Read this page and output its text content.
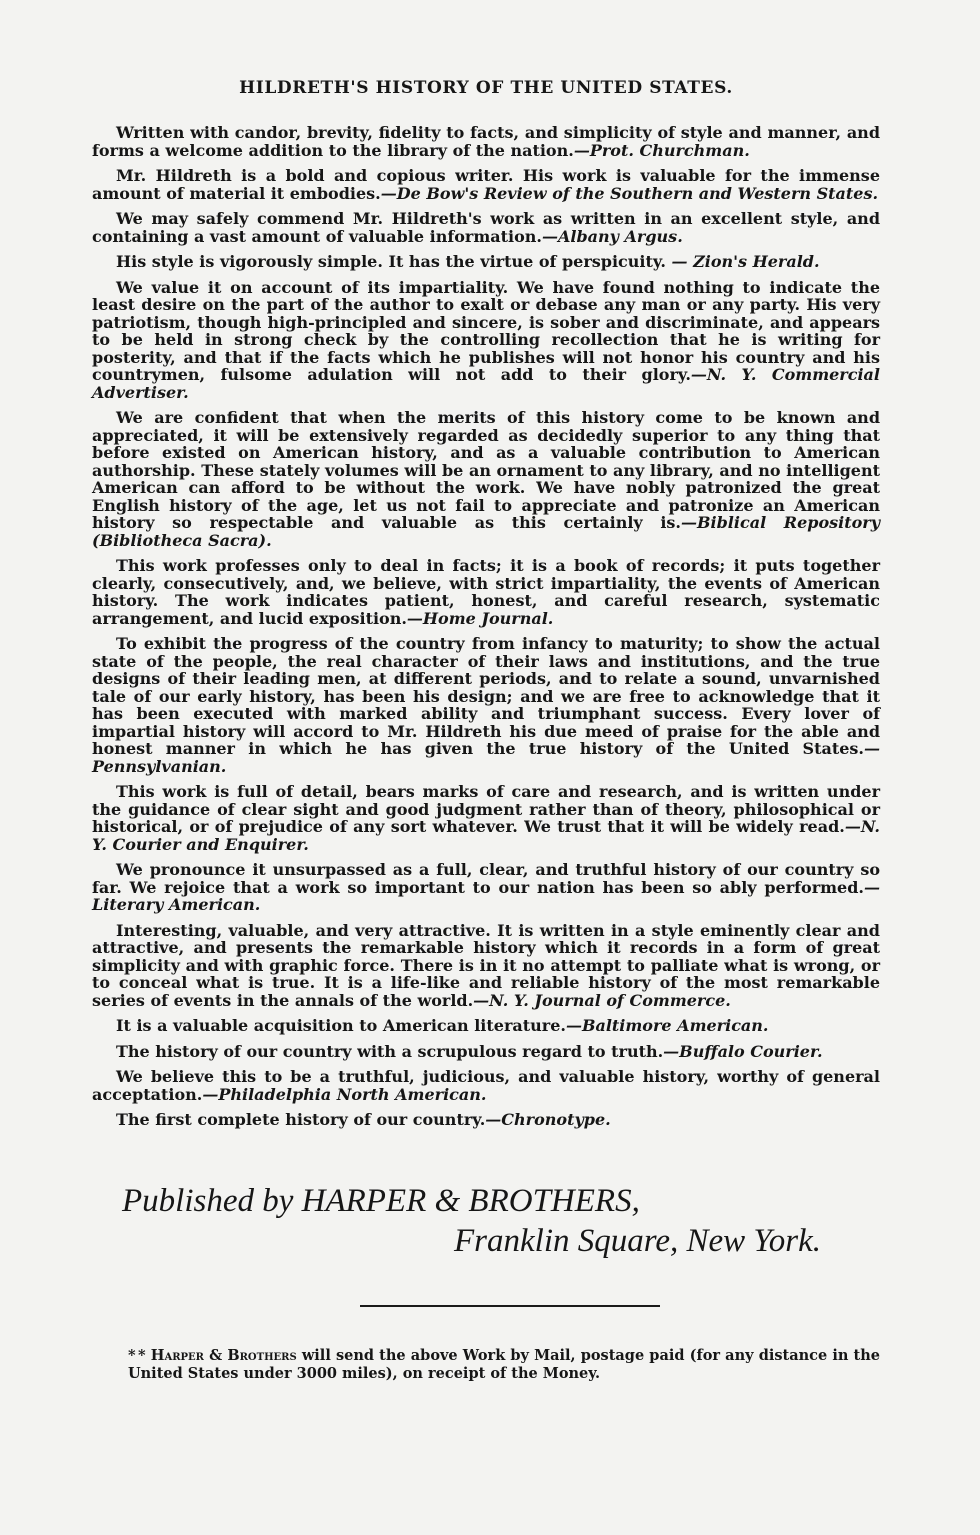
HILDRETH'S HISTORY OF THE UNITED STATES.

Written with candor, brevity, fidelity to facts, and simplicity of style and manner, and forms a welcome addition to the library of the nation.—Prot. Churchman.

Mr. Hildreth is a bold and copious writer. His work is valuable for the immense amount of material it embodies.—De Bow's Review of the Southern and Western States.

We may safely commend Mr. Hildreth's work as written in an excellent style, and containing a vast amount of valuable information.—Albany Argus.

His style is vigorously simple. It has the virtue of perspicuity. — Zion's Herald.

We value it on account of its impartiality. We have found nothing to indicate the least desire on the part of the author to exalt or debase any man or any party. His very patriotism, though high-principled and sincere, is sober and discriminate, and appears to be held in strong check by the controlling recollection that he is writing for posterity, and that if the facts which he publishes will not honor his country and his countrymen, fulsome adulation will not add to their glory.—N. Y. Commercial Advertiser.

We are confident that when the merits of this history come to be known and appreciated, it will be extensively regarded as decidedly superior to any thing that before existed on American history, and as a valuable contribution to American authorship. These stately volumes will be an ornament to any library, and no intelligent American can afford to be without the work. We have nobly patronized the great English history of the age, let us not fail to appreciate and patronize an American history so respectable and valuable as this certainly is.—Biblical Repository (Bibliotheca Sacra).

This work professes only to deal in facts; it is a book of records; it puts together clearly, consecutively, and, we believe, with strict impartiality, the events of American history. The work indicates patient, honest, and careful research, systematic arrangement, and lucid exposition.—Home Journal.

To exhibit the progress of the country from infancy to maturity; to show the actual state of the people, the real character of their laws and institutions, and the true designs of their leading men, at different periods, and to relate a sound, unvarnished tale of our early history, has been his design; and we are free to acknowledge that it has been executed with marked ability and triumphant success. Every lover of impartial history will accord to Mr. Hildreth his due meed of praise for the able and honest manner in which he has given the true history of the United States.—Pennsylvanian.

This work is full of detail, bears marks of care and research, and is written under the guidance of clear sight and good judgment rather than of theory, philosophical or historical, or of prejudice of any sort whatever. We trust that it will be widely read.—N. Y. Courier and Enquirer.

We pronounce it unsurpassed as a full, clear, and truthful history of our country so far. We rejoice that a work so important to our nation has been so ably performed.—Literary American.

Interesting, valuable, and very attractive. It is written in a style eminently clear and attractive, and presents the remarkable history which it records in a form of great simplicity and with graphic force. There is in it no attempt to palliate what is wrong, or to conceal what is true. It is a life-like and reliable history of the most remarkable series of events in the annals of the world.—N. Y. Journal of Commerce.

It is a valuable acquisition to American literature.—Baltimore American.

The history of our country with a scrupulous regard to truth.—Buffalo Courier.

We believe this to be a truthful, judicious, and valuable history, worthy of general acceptation.—Philadelphia North American.

The first complete history of our country.—Chronotype.

Published by HARPER & BROTHERS,
Franklin Square, New York.

* * Harper & Brothers will send the above Work by Mail, postage paid (for any distance in the United States under 3000 miles), on receipt of the Money.
